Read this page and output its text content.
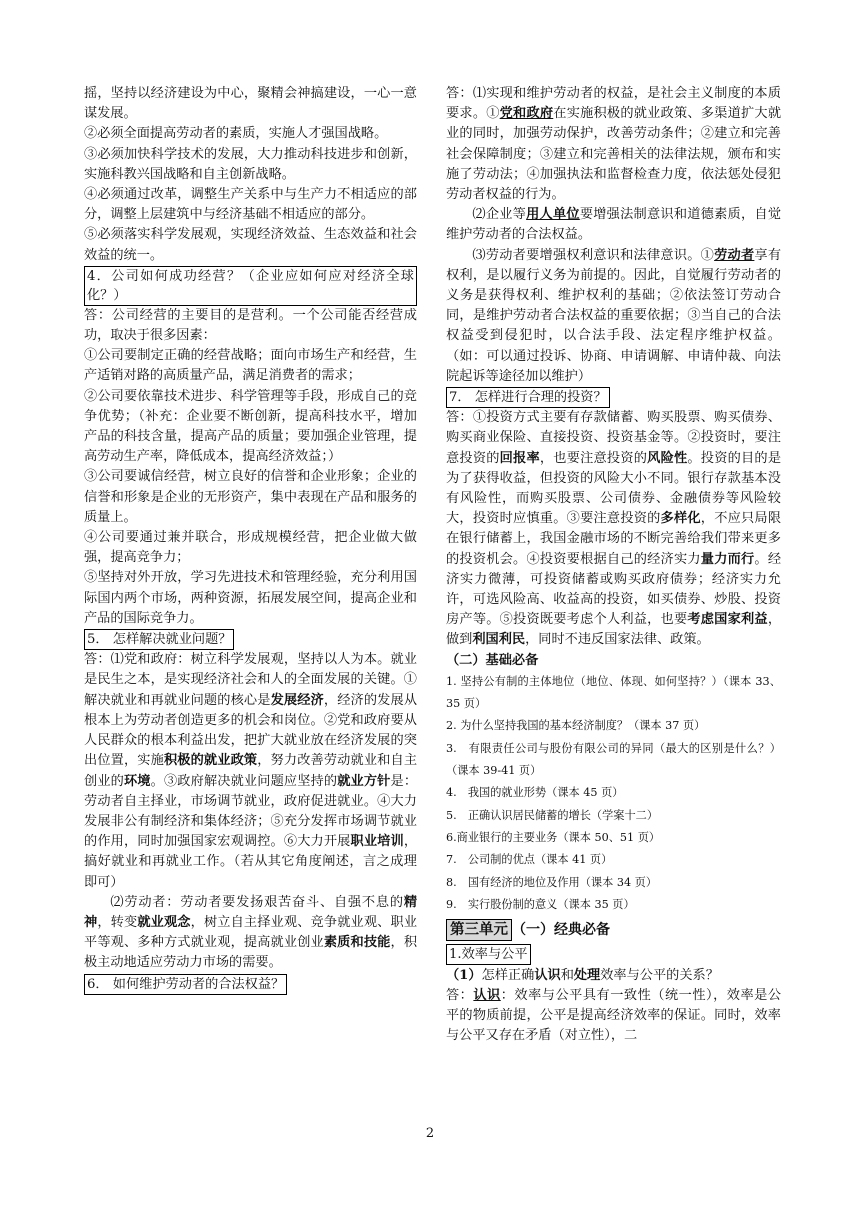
摇，坚持以经济建设为中心，聚精会神搞建设，一心一意谋发展。

②必须全面提高劳动者的素质，实施人才强国战略。

③必须加快科学技术的发展，大力推动科技进步和创新，实施科教兴国战略和自主创新战略。

④必须通过改革，调整生产关系中与生产力不相适应的部分，调整上层建筑中与经济基础不相适应的部分。

⑤必须落实科学发展观，实现经济效益、生态效益和社会效益的统一。

4．公司如何成功经营？（企业应如何应对经济全球化？）

答：公司经营的主要目的是营利。一个公司能否经营成功，取决于很多因素：

①公司要制定正确的经营战略；面向市场生产和经营，生产适销对路的高质量产品，满足消费者的需求；

②公司要依靠技术进步、科学管理等手段，形成自己的竞争优势；（补充：企业要不断创新，提高科技水平，增加产品的科技含量，提高产品的质量；要加强企业管理，提高劳动生产率，降低成本，提高经济效益；）

③公司要诚信经营，树立良好的信誉和企业形象；企业的信誉和形象是企业的无形资产，集中表现在产品和服务的质量上。

④公司要通过兼并联合，形成规模经营，把企业做大做强，提高竞争力；

⑤坚持对外开放，学习先进技术和管理经验，充分利用国际国内两个市场，两种资源，拓展发展空间，提高企业和产品的国际竞争力。

5． 怎样解决就业问题？

答：⑴党和政府：树立科学发展观，坚持以人为本。就业是民生之本，是实现经济社会和人的全面发展的关键。①解决就业和再就业问题的核心是发展经济，经济的发展从根本上为劳动者创造更多的机会和岗位。②党和政府要从人民群众的根本利益出发，把扩大就业放在经济发展的突出位置，实施积极的就业政策，努力改善劳动就业和自主创业的环境。③政府解决就业问题应坚持的就业方针是：劳动者自主择业，市场调节就业，政府促进就业。④大力发展非公有制经济和集体经济；⑤充分发挥市场调节就业的作用，同时加强国家宏观调控。⑥大力开展职业培训，搞好就业和再就业工作。（若从其它角度阐述，言之成理即可）

⑵劳动者：劳动者要发扬艰苦奋斗、自强不息的精神，转变就业观念，树立自主择业观、竞争就业观、职业平等观、多种方式就业观，提高就业创业素质和技能，积极主动地适应劳动力市场的需要。

6． 如何维护劳动者的合法权益？

答：⑴实现和维护劳动者的权益，是社会主义制度的本质要求。①党和政府在实施积极的就业政策、多渠道扩大就业的同时，加强劳动保护，改善劳动条件；②建立和完善社会保障制度；③建立和完善相关的法律法规，颁布和实施了劳动法；④加强执法和监督检查力度，依法惩处侵犯劳动者权益的行为。

⑵企业等用人单位要增强法制意识和道德素质，自觉维护劳动者的合法权益。

⑶劳动者要增强权利意识和法律意识。①劳动者享有权利，是以履行义务为前提的。因此，自觉履行劳动者的义务是获得权利、维护权利的基础；②依法签订劳动合同，是维护劳动者合法权益的重要依据；③当自己的合法权益受到侵犯时，以合法手段、法定程序维护权益。（如：可以通过投诉、协商、申请调解、申请仲裁、向法院起诉等途径加以维护）

7． 怎样进行合理的投资？

答：①投资方式主要有存款储蓄、购买股票、购买债券、购买商业保险、直接投资、投资基金等。②投资时，要注意投资的回报率，也要注意投资的风险性。投资的目的是为了获得收益，但投资的风险大小不同。银行存款基本没有风险性，而购买股票、公司债券、金融债券等风险较大，投资时应慎重。③要注意投资的多样化，不应只局限在银行储蓄上，我国金融市场的不断完善给我们带来更多的投资机会。④投资要根据自己的经济实力量力而行。经济实力微薄，可投资储蓄或购买政府债券；经济实力允许，可选风险高、收益高的投资，如买债券、炒股、投资房产等。⑤投资既要考虑个人利益，也要考虑国家利益，做到利国利民，同时不违反国家法律、政策。

（二）基础必备
1. 坚持公有制的主体地位（地位、体现、如何坚持？）（课本 33、35 页）
2. 为什么坚持我国的基本经济制度？（课本 37 页）
3.　有限责任公司与股份有限公司的异同（最大的区别是什么？）（课本 39-41 页）
4.　我国的就业形势（课本 45 页）
5.　正确认识居民储蓄的增长（学案十二）
6.商业银行的主要业务（课本 50、51 页）
7.　公司制的优点（课本 41 页）
8.　国有经济的地位及作用（课本 34 页）
9.　实行股份制的意义（课本 35 页）
第三单元 （一）经典必备
1.效率与公平

（1）怎样正确认识和处理效率与公平的关系？

答：认识：效率与公平具有一致性（统一性），效率是公平的物质前提，公平是提高经济效率的保证。同时，效率与公平又存在矛盾（对立性），二

2
